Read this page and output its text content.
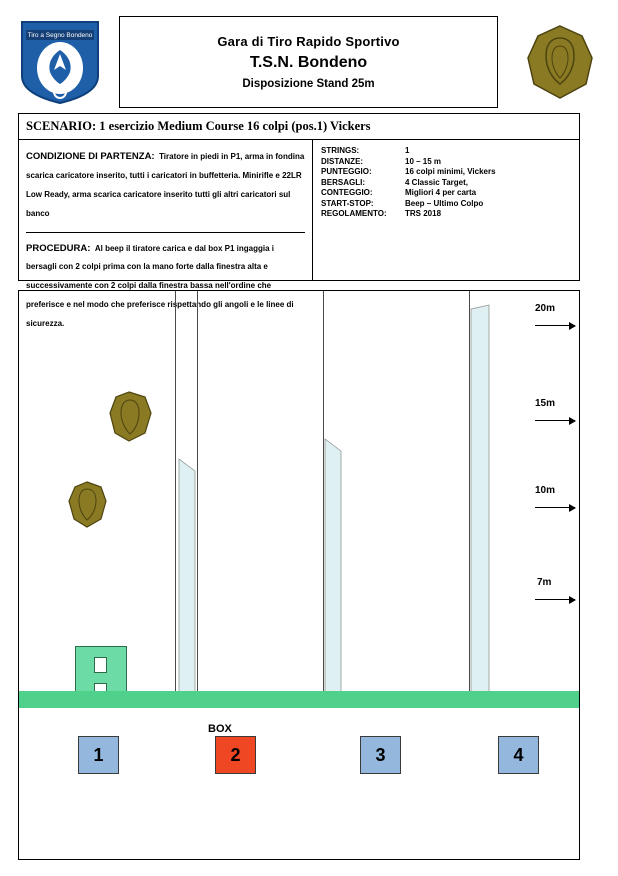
Tiro a Segno Bondeno	Gara di Tiro Rapido Sportivo
T.S.N. Bondeno
Disposizione Stand 25m
SCENARIO: 1 esercizio Medium Course 16 colpi (pos.1) Vickers
CONDIZIONE DI PARTENZA: Tiratore in piedi in P1, arma in fondina scarica caricatore inserito, tutti i caricatori in buffetteria. Minirifle e 22LR Low Ready, arma scarica caricatore inserito tutti gli altri caricatori sul banco
PROCEDURA: Al beep il tiratore carica e dal box P1 ingaggia i bersagli con 2 colpi prima con la mano forte dalla finestra alta e successivamente con 2 colpi dalla finestra bassa nell'ordine che preferisce e nel modo che preferisce rispettando gli angoli e le linee di sicurezza.
STRINGS:	1
DISTANZE:	10 – 15 m
PUNTEGGIO:	16 colpi minimi, Vickers
BERSAGLI:	4 Classic Target,
CONTEGGIO:	Migliori 4 per carta
START-STOP:	Beep – Ultimo Colpo
REGOLAMENTO:	TRS 2018
20m
15m
10m
7m
BOX
1	2	3	4
